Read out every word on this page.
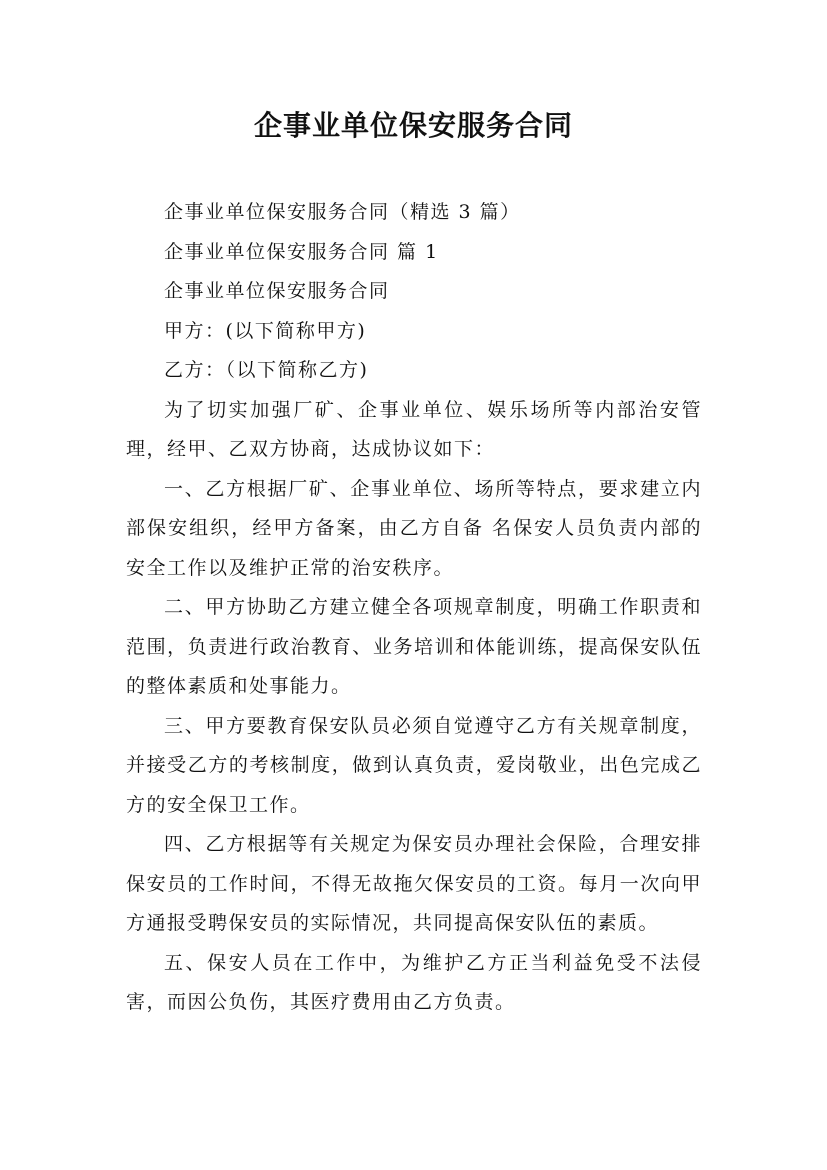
企事业单位保安服务合同

企事业单位保安服务合同（精选 3 篇）

企事业单位保安服务合同 篇 1

企事业单位保安服务合同

甲方：(以下简称甲方)

乙方：（以下简称乙方)

为了切实加强厂矿、企事业单位、娱乐场所等内部治安管理，经甲、乙双方协商，达成协议如下：

一、乙方根据厂矿、企事业单位、场所等特点，要求建立内部保安组织，经甲方备案，由乙方自备 名保安人员负责内部的安全工作以及维护正常的治安秩序。

二、甲方协助乙方建立健全各项规章制度，明确工作职责和范围，负责进行政治教育、业务培训和体能训练，提高保安队伍的整体素质和处事能力。

三、甲方要教育保安队员必须自觉遵守乙方有关规章制度，并接受乙方的考核制度，做到认真负责，爱岗敬业，出色完成乙方的安全保卫工作。

四、乙方根据等有关规定为保安员办理社会保险，合理安排保安员的工作时间，不得无故拖欠保安员的工资。每月一次向甲方通报受聘保安员的实际情况，共同提高保安队伍的素质。

五、保安人员在工作中，为维护乙方正当利益免受不法侵害，而因公负伤，其医疗费用由乙方负责。
